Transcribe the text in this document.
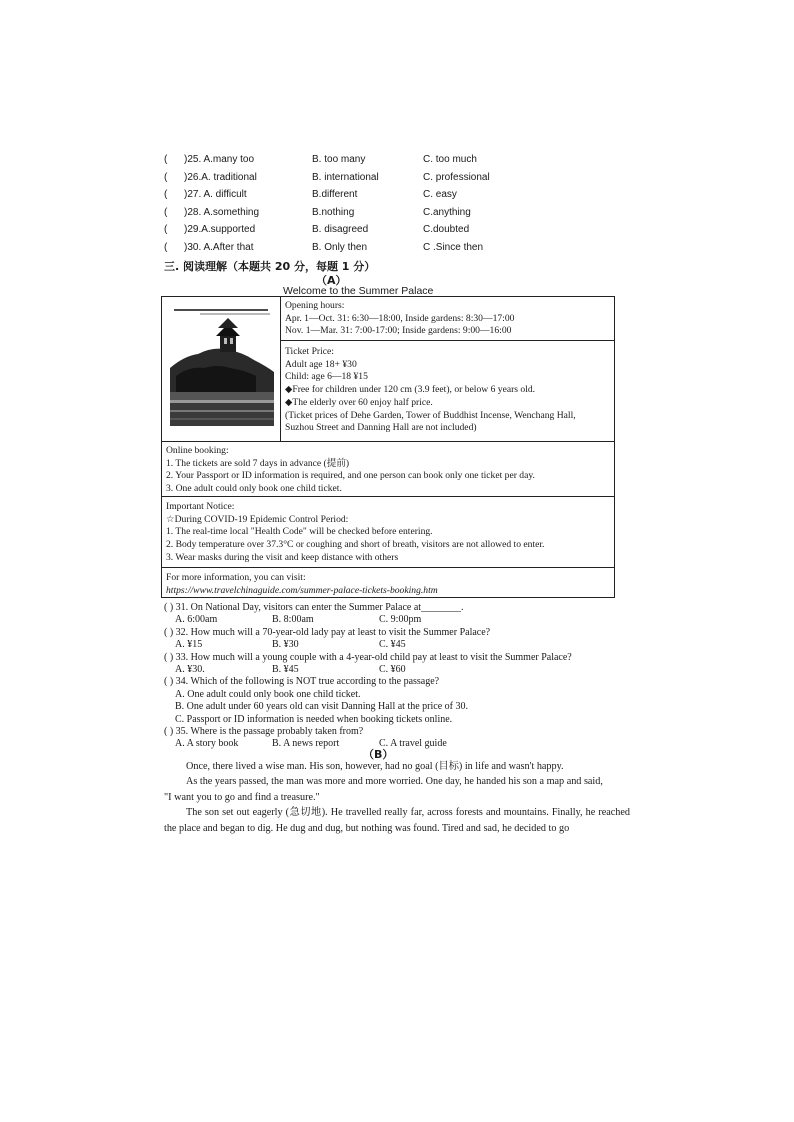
( )25. A.many too	B. too many	C. too much
( )26.A. traditional	B. international	C. professional
( )27. A. difficult	B.different	C. easy
( )28. A.something	B.nothing	C.anything
( )29.A.supported	B. disagreed	C.doubted
( )30. A.After that	B. Only then	C .Since then
三. 阅读理解（本题共 20 分，每题 1 分）
（A）
Welcome to the Summer Palace
Opening hours:
Apr. 1—Oct. 31: 6:30—18:00, Inside gardens: 8:30—17:00
Nov. 1—Mar. 31: 7:00-17:00; Inside gardens: 9:00—16:00
Ticket Price:
Adult age 18+ ¥30
Child: age 6—18 ¥15
◆Free for children under 120 cm (3.9 feet), or below 6 years old.
◆The elderly over 60 enjoy half price.
(Ticket prices of Dehe Garden, Tower of Buddhist Incense, Wenchang Hall,
Suzhou Street and Danning Hall are not included)
Online booking:
1. The tickets are sold 7 days in advance (提前)
2. Your Passport or ID information is required, and one person can book only one ticket per day.
3. One adult could only book one child ticket.
Important Notice:
☆During COVID-19 Epidemic Control Period:
1. The real-time local "Health Code" will be checked before entering.
2. Body temperature over 37.3°C or coughing and short of breath, visitors are not allowed to enter.
3. Wear masks during the visit and keep distance with others
For more information, you can visit:
https://www.travelchinaguide.com/summer-palace-tickets-booking.htm
( ) 31. On National Day, visitors can enter the Summer Palace at________.
A. 6:00am	B. 8:00am	C. 9:00pm
( ) 32. How much will a 70-year-old lady pay at least to visit the Summer Palace?
A. ¥15	B. ¥30	C. ¥45
( ) 33. How much will a young couple with a 4-year-old child pay at least to visit the Summer Palace?
A. ¥30.	B. ¥45	C. ¥60
( ) 34. Which of the following is NOT true according to the passage?
A. One adult could only book one child ticket.
B. One adult under 60 years old can visit Danning Hall at the price of 30.
C. Passport or ID information is needed when booking tickets online.
( ) 35. Where is the passage probably taken from?
A. A story book	B. A news report	C. A travel guide
（B）

Once, there lived a wise man. His son, however, had no goal (目标) in life and wasn't happy.

As the years passed, the man was more and more worried. One day, he handed his son a map and said,

"I want you to go and find a treasure."

The son set out eagerly (急切地). He travelled really far, across forests and mountains. Finally, he reached the place and began to dig. He dug and dug, but nothing was found. Tired and sad, he decided to go
